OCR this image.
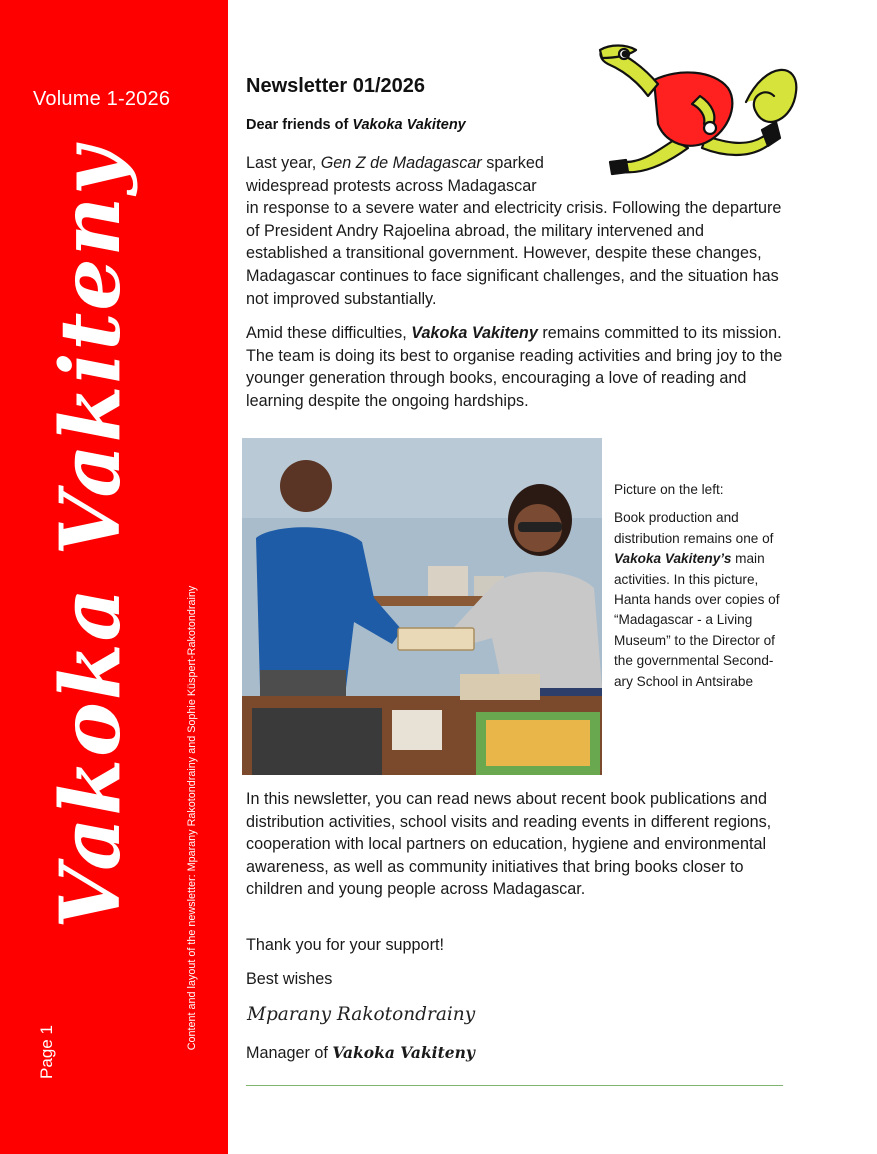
Volume 1-2026
Vakoka Vakiteny
Page 1
Content and layout of the newsletter: Mparany Rakotondrainy and Sophie Küspert-Rakotondrainy
Newsletter 01/2026
Dear friends of Vakoka Vakiteny

Last year, Gen Z de Madagascar sparked
widespread protests across Madagascar
in response to a severe water and electricity crisis. Following the departure of President Andry Rajoelina abroad, the military intervened and established a transitional government. However, despite these changes, Madagascar continues to face significant challenges, and the situation has not improved substantially.

Amid these difficulties, Vakoka Vakiteny remains committed to its mission. The team is doing its best to organise reading activities and bring joy to the younger generation through books, encouraging a love of reading and learning despite the ongoing hardships.

Picture on the left:

Book production and distribution remains one of Vakoka Vakiteny’s main activities. In this picture, Hanta hands over copies of “Madagascar - a Living Museum” to the Director of the governmental Secondary School in Antsirabe

In this newsletter, you can read news about recent book publications and distribution activities, school visits and reading events in different regions, cooperation with local partners on education, hygiene and environmental awareness, as well as community initiatives that bring books closer to children and young people across Madagascar.

Thank you for your support!

Best wishes

Mparany Rakotondrainy
Manager of Vakoka Vakiteny
